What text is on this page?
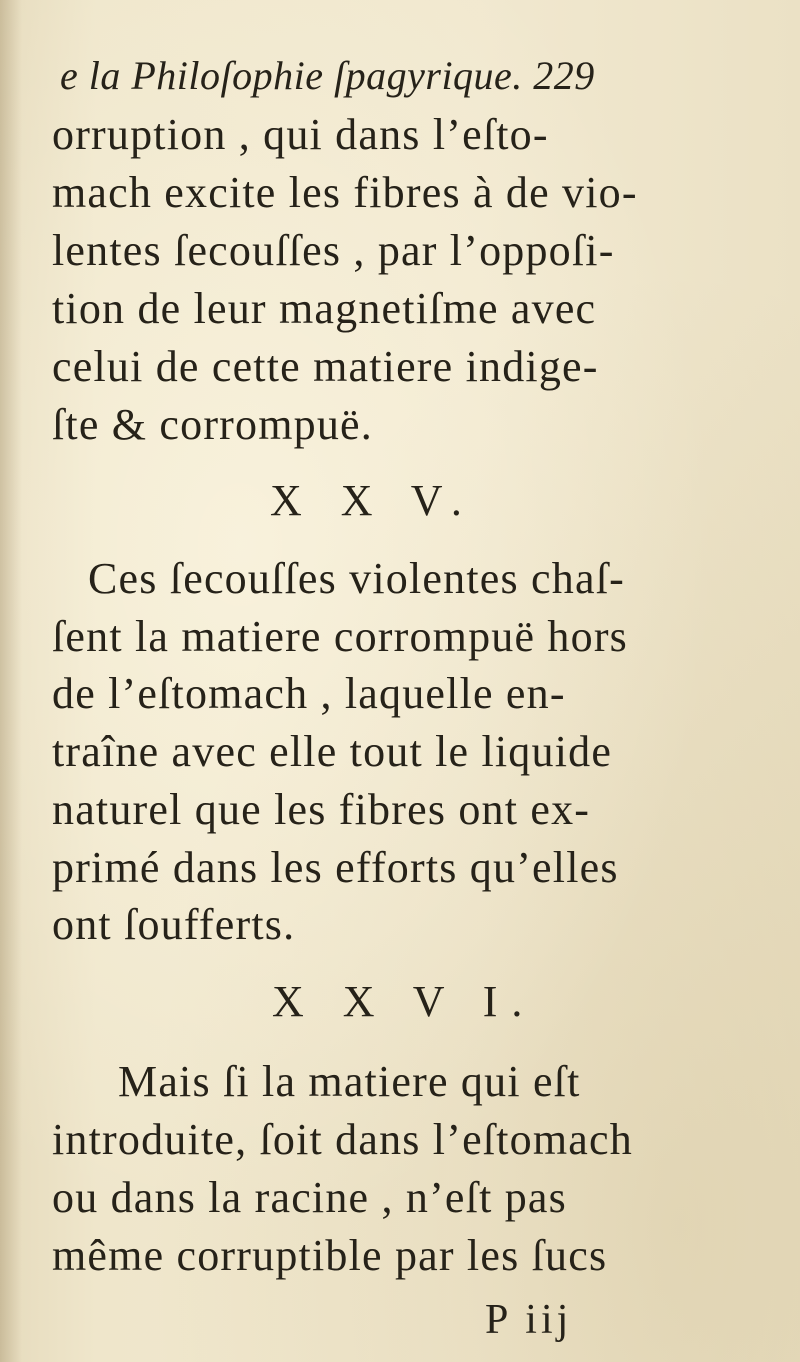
e la Philoſophie ſpagyrique. 229
orruption , qui dans l’eſto-
mach excite les fibres à de vio-
lentes ſecouſſes , par l’oppoſi-
tion de leur magnetiſme avec
celui de cette matiere indige-
ſte & corrompuë.
X X V.
Ces ſecouſſes violentes chaſ-
ſent la matiere corrompuë hors
de l’eſtomach , laquelle en-
traîne avec elle tout le liquide
naturel que les fibres ont ex-
primé dans les efforts qu’elles
ont ſoufferts.
X X V I.
Mais ſi la matiere qui eſt
introduite, ſoit dans l’eſtomach
ou dans la racine , n’eſt pas
même corruptible par les ſucs
P iij
